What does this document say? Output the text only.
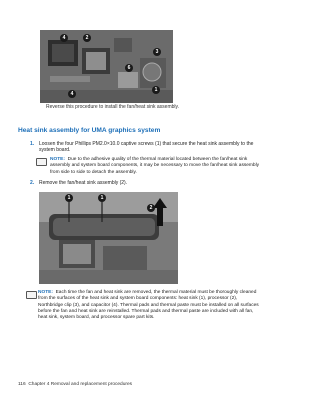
4	2
6
3
1
4
Reverse this procedure to install the fan/heat sink assembly.
Heat sink assembly for UMA graphics system
1. Loosen the four Phillips PM2.0×10.0 captive screws (1) that secure the heat sink assembly to the
system board.
NOTE: Due to the adhesive quality of the thermal material located between the fan/heat sink
assembly and system board components, it may be necessary to move the fan/heat sink assembly
from side to side to detach the assembly.
2. Remove the fan/heat sink assembly (2).
1	1
2
NOTE: Each time the fan and heat sink are removed, the thermal material must be thoroughly cleaned
from the surfaces of the heat sink and system board components: heat sink (1), processor (2),
Northbridge clip (3), and capacitor (4). Thermal pads and thermal paste must be installed on all surfaces
before the fan and heat sink are reinstalled. Thermal pads and thermal paste are included with all fan,
heat sink, system board, and processor spare part kits.
116 Chapter 4 Removal and replacement procedures
